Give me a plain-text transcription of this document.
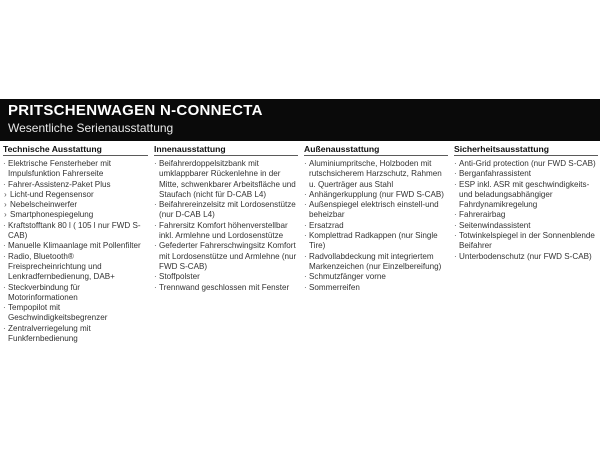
PRITSCHENWAGEN N-CONNECTA
Wesentliche Serienausstattung
Technische Ausstattung
· Elektrische Fensterheber mit Impulsfunktion Fahrerseite
· Fahrer-Assistenz-Paket Plus
› Licht-und Regensensor
› Nebelscheinwerfer
› Smartphonespiegelung
· Kraftstofftank 80 l ( 105 l nur FWD S-CAB)
· Manuelle Klimaanlage mit Pollenfilter
· Radio, Bluetooth® Freisprecheinrichtung und Lenkradfernbedienung, DAB+
· Steckverbindung für Motorinformationen
· Tempopilot mit Geschwindigkeitsbegrenzer
· Zentralverriegelung mit Funkfernbedienung
Innenausstattung
· Beifahrerdoppelsitzbank mit umklappbarer Rückenlehne in der Mitte, schwenkbarer Arbeitsfläche und Staufach (nicht für D-CAB L4)
· Beifahrereinzelsitz mit Lordosenstütze (nur D-CAB L4)
· Fahrersitz Komfort höhenverstellbar inkl. Armlehne und Lordosenstütze
· Gefederter Fahrerschwingsitz Komfort mit Lordosenstütze und Armlehne (nur FWD S-CAB)
· Stoffpolster
· Trennwand geschlossen mit Fenster
Außenausstattung
· Aluminiumpritsche, Holzboden mit rutschsicherem Harzschutz, Rahmen u. Querträger aus Stahl
· Anhängerkupplung (nur FWD S-CAB)
· Außenspiegel elektrisch einstell-und beheizbar
· Ersatzrad
· Komplettrad Radkappen (nur Single Tire)
· Radvollabdeckung mit integriertem Markenzeichen (nur Einzelbereifung)
· Schmutzfänger vorne
· Sommerreifen
Sicherheitsausstattung
· Anti-Grid protection (nur FWD S-CAB)
· Berganfahrassistent
· ESP inkl. ASR mit geschwindigkeits-und beladungsabhängiger Fahrdynamikregelung
· Fahrerairbag
· Seitenwindassistent
· Totwinkelspiegel in der Sonnenblende Beifahrer
· Unterbodenschutz (nur FWD S-CAB)
